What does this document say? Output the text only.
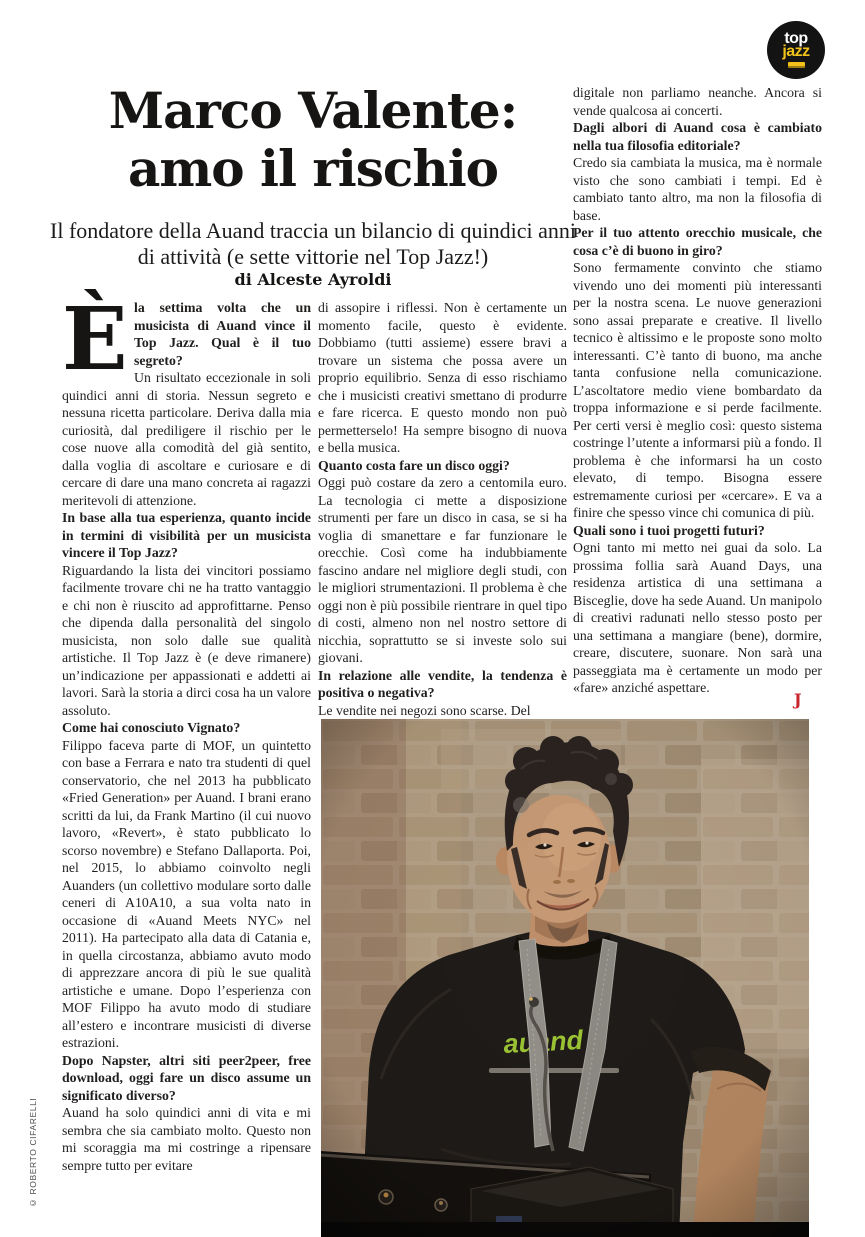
top
jazz
Marco Valente:
amo il rischio

Il fondatore della Auand traccia un bilancio di quindici anni di attività (e sette vittorie nel Top Jazz!)

di Alceste Ayroldi

È la settima volta che un musicista di Auand vince il Top Jazz. Qual è il tuo segreto?

Un risultato eccezionale in soli quindici anni di storia. Nessun segreto e nessuna ricetta particolare. Deriva dalla mia curiosità, dal prediligere il rischio per le cose nuove alla comodità del già sentito, dalla voglia di ascoltare e curiosare e di cercare di dare una mano concreta ai ragazzi meritevoli di attenzione.

In base alla tua esperienza, quanto incide in termini di visibilità per un musicista vincere il Top Jazz?

Riguardando la lista dei vincitori possiamo facilmente trovare chi ne ha tratto vantaggio e chi non è riuscito ad approfittarne. Penso che dipenda dalla personalità del singolo musicista, non solo dalle sue qualità artistiche. Il Top Jazz è (e deve rimanere) un’indicazione per appassionati e addetti ai lavori. Sarà la storia a dirci cosa ha un valore assoluto.

Come hai conosciuto Vignato?

Filippo faceva parte di MOF, un quintetto con base a Ferrara e nato tra studenti di quel conservatorio, che nel 2013 ha pubblicato «Fried Generation» per Auand. I brani erano scritti da lui, da Frank Martino (il cui nuovo lavoro, «Revert», è stato pubblicato lo scorso novembre) e Stefano Dallaporta. Poi, nel 2015, lo abbiamo coinvolto negli Auanders (un collettivo modulare sorto dalle ceneri di A10A10, a sua volta nato in occasione di «Auand Meets NYC» nel 2011). Ha partecipato alla data di Catania e, in quella circostanza, abbiamo avuto modo di apprezzare ancora di più le sue qualità artistiche e umane. Dopo l’esperienza con MOF Filippo ha avuto modo di studiare all’estero e incontrare musicisti di diverse estrazioni.

Dopo Napster, altri siti peer2peer, free download, oggi fare un disco assume un significato diverso?

Auand ha solo quindici anni di vita e mi sembra che sia cambiato molto. Questo non mi scoraggia ma mi costringe a ripensare sempre tutto per evitare

di assopire i riflessi. Non è certamente un momento facile, questo è evidente. Dobbiamo (tutti assieme) essere bravi a trovare un sistema che possa avere un proprio equilibrio. Senza di esso rischiamo che i musicisti creativi smettano di produrre e fare ricerca. E questo mondo non può permetterselo! Ha sempre bisogno di nuova e bella musica.

Quanto costa fare un disco oggi?

Oggi può costare da zero a centomila euro. La tecnologia ci mette a disposizione strumenti per fare un disco in casa, se si ha voglia di smanettare e far funzionare le orecchie. Così come ha indubbiamente fascino andare nel migliore degli studi, con le migliori strumentazioni. Il problema è che oggi non è più possibile rientrare in quel tipo di costi, almeno non nel nostro settore di nicchia, soprattutto se si investe solo sui giovani.

In relazione alle vendite, la tendenza è positiva o negativa?

Le vendite nei negozi sono scarse. Del

digitale non parliamo neanche. Ancora si vende qualcosa ai concerti.

Dagli albori di Auand cosa è cambiato nella tua filosofia editoriale?

Credo sia cambiata la musica, ma è normale visto che sono cambiati i tempi. Ed è cambiato tanto altro, ma non la filosofia di base.

Per il tuo attento orecchio musicale, che cosa c’è di buono in giro?

Sono fermamente convinto che stiamo vivendo uno dei momenti più interessanti per la nostra scena. Le nuove generazioni sono assai preparate e creative. Il livello tecnico è altissimo e le proposte sono molto interessanti. C’è tanto di buono, ma anche tanta confusione nella comunicazione. L’ascoltatore medio viene bombardato da troppa informazione e si perde facilmente. Per certi versi è meglio così: questo sistema costringe l’utente a informarsi più a fondo. Il problema è che informarsi ha un costo elevato, di tempo. Bisogna essere estremamente curiosi per «cercare». E va a finire che spesso vince chi comunica di più.

Quali sono i tuoi progetti futuri?

Ogni tanto mi metto nei guai da solo. La prossima follia sarà Auand Days, una residenza artistica di una settimana a Bisceglie, dove ha sede Auand. Un manipolo di creativi radunati nello stesso posto per una settimana a mangiare (bene), dormire, creare, discutere, suonare. Non sarà una passeggiata ma è certamente un modo per «fare» anziché aspettare.

J
© ROBERTO CIFARELLI
